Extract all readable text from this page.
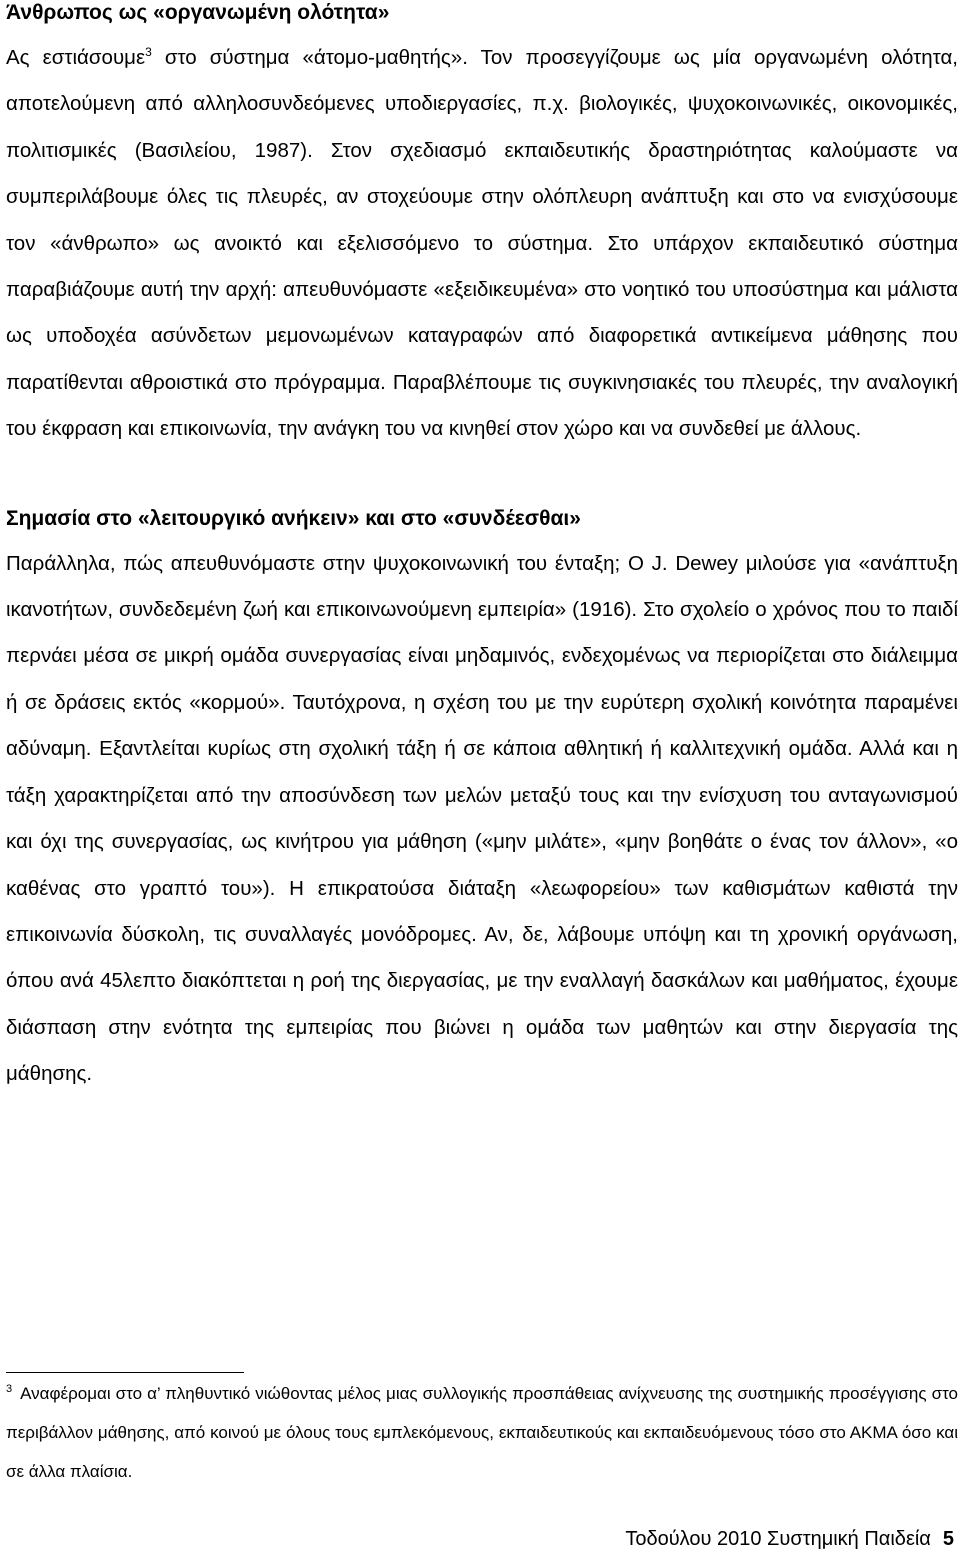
Άνθρωπος ως «οργανωμένη ολότητα»

Ας εστιάσουμε$^3$ στο σύστημα «άτομο-μαθητής». Τον προσεγγίζουμε ως μία οργανωμένη ολότητα, αποτελούμενη από αλληλοσυνδεόμενες υποδιεργασίες, π.χ. βιολογικές, ψυχοκοινωνικές, οικονομικές, πολιτισμικές (Βασιλείου, 1987). Στον σχεδιασμό εκπαιδευτικής δραστηριότητας καλούμαστε να συμπεριλάβουμε όλες τις πλευρές, αν στοχεύουμε στην ολόπλευρη ανάπτυξη και στο να ενισχύσουμε τον «άνθρωπο» ως ανοικτό και εξελισσόμενο το σύστημα. Στο υπάρχον εκπαιδευτικό σύστημα παραβιάζουμε αυτή την αρχή: απευθυνόμαστε «εξειδικευμένα» στο νοητικό του υποσύστημα και μάλιστα ως υποδοχέα ασύνδετων μεμονωμένων καταγραφών από διαφορετικά αντικείμενα μάθησης που παρατίθενται αθροιστικά στο πρόγραμμα. Παραβλέπουμε τις συγκινησιακές του πλευρές, την αναλογική του έκφραση και επικοινωνία, την ανάγκη του να κινηθεί στον χώρο και να συνδεθεί με άλλους.

Σημασία στο «λειτουργικό ανήκειν» και στο «συνδέεσθαι»

Παράλληλα, πώς απευθυνόμαστε στην ψυχοκοινωνική του ένταξη; Ο J. Dewey μιλούσε για «ανάπτυξη ικανοτήτων, συνδεδεμένη ζωή και επικοινωνούμενη εμπειρία» (1916). Στο σχολείο ο χρόνος που το παιδί περνάει μέσα σε μικρή ομάδα συνεργασίας είναι μηδαμινός, ενδεχομένως να περιορίζεται στο διάλειμμα ή σε δράσεις εκτός «κορμού». Ταυτόχρονα, η σχέση του με την ευρύτερη σχολική κοινότητα παραμένει αδύναμη. Εξαντλείται κυρίως στη σχολική τάξη ή σε κάποια αθλητική ή καλλιτεχνική ομάδα. Αλλά και η τάξη χαρακτηρίζεται από την αποσύνδεση των μελών μεταξύ τους και την ενίσχυση του ανταγωνισμού και όχι της συνεργασίας, ως κινήτρου για μάθηση («μην μιλάτε», «μην βοηθάτε ο ένας τον άλλον», «ο καθένας στο γραπτό του»). Η επικρατούσα διάταξη «λεωφορείου» των καθισμάτων καθιστά την επικοινωνία δύσκολη, τις συναλλαγές μονόδρομες. Αν, δε, λάβουμε υπόψη και τη χρονική οργάνωση, όπου ανά 45λεπτο διακόπτεται η ροή της διεργασίας, με την εναλλαγή δασκάλων και μαθήματος, έχουμε διάσπαση στην ενότητα της εμπειρίας που βιώνει η ομάδα των μαθητών και στην διεργασία της μάθησης.

$^3$ Αναφέρομαι στο α’ πληθυντικό νιώθοντας μέλος μιας συλλογικής προσπάθειας ανίχνευσης της συστημικής προσέγγισης στο περιβάλλον μάθησης, από κοινού με όλους τους εμπλεκόμενους, εκπαιδευτικούς και εκπαιδευόμενους τόσο στο ΑΚΜΑ όσο και σε άλλα πλαίσια.

Τοδούλου 2010 Συστημική Παιδεία 5
